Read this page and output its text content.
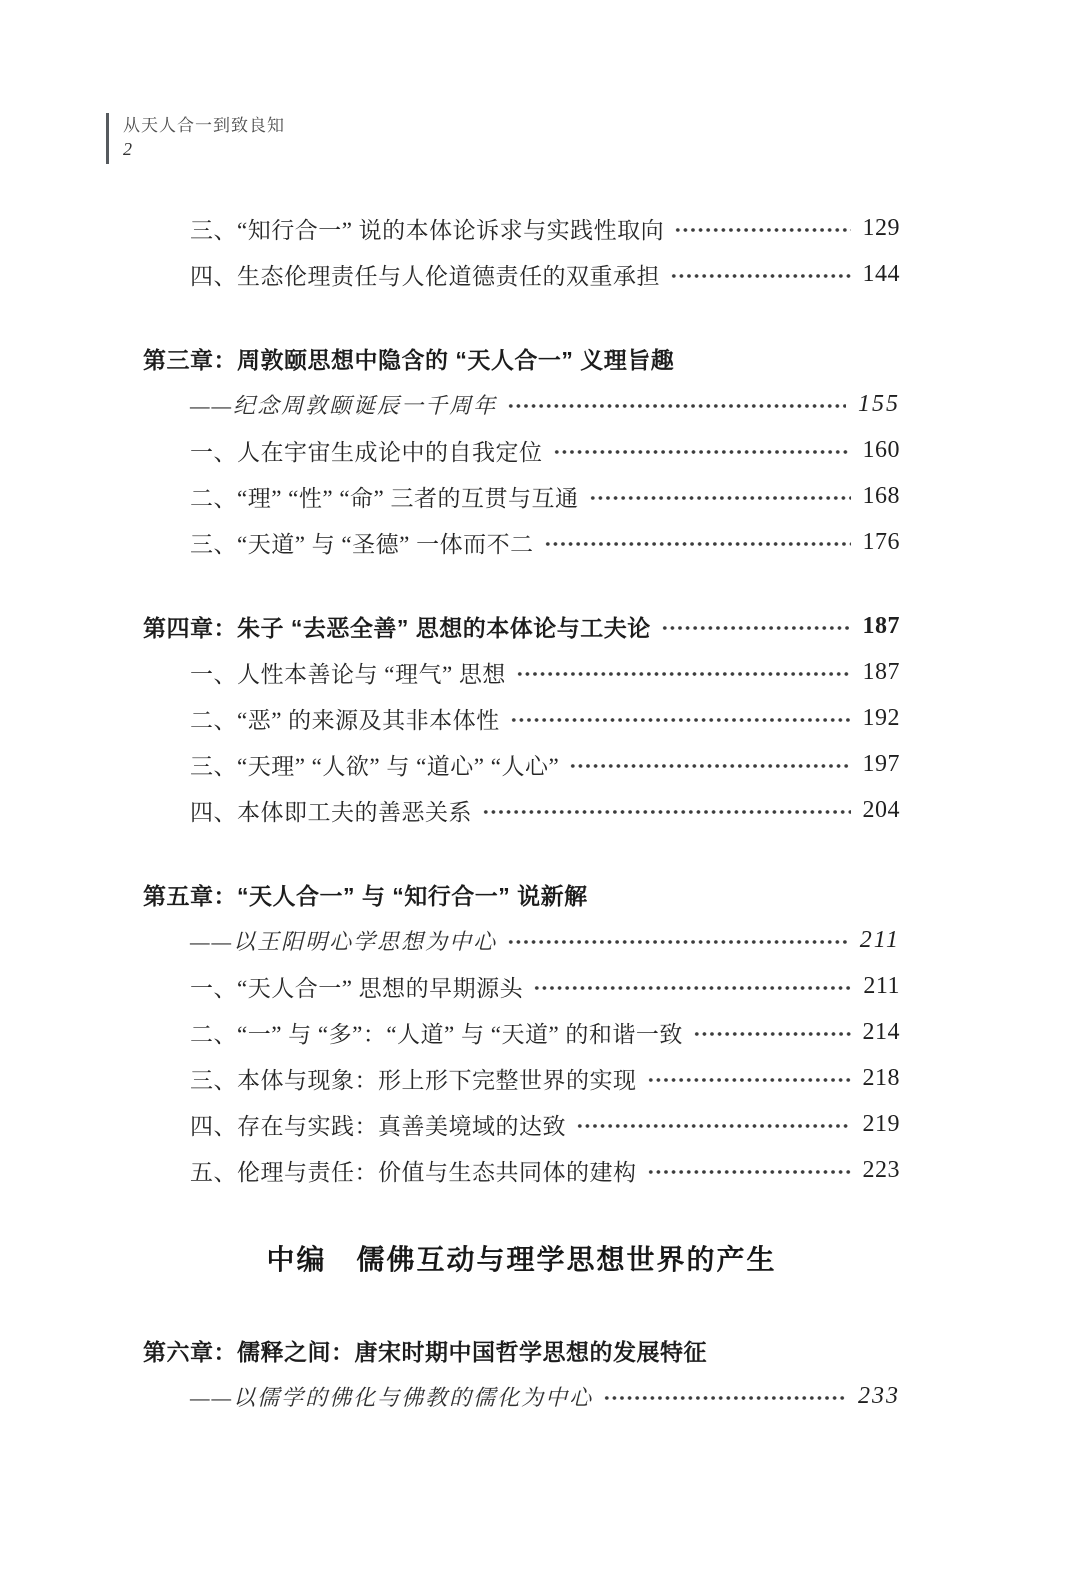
从天人合一到致良知
2
三、“知行合一” 说的本体论诉求与实践性取向	129
四、生态伦理责任与人伦道德责任的双重承担	144
第三章：周敦颐思想中隐含的 “天人合一” 义理旨趣
——纪念周敦颐诞辰一千周年	155
一、人在宇宙生成论中的自我定位	160
二、“理” “性” “命” 三者的互贯与互通	168
三、“天道” 与 “圣德” 一体而不二	176
第四章：朱子 “去恶全善” 思想的本体论与工夫论	187
一、人性本善论与 “理气” 思想	187
二、“恶” 的来源及其非本体性	192
三、“天理” “人欲” 与 “道心” “人心”	197
四、本体即工夫的善恶关系	204
第五章：“天人合一” 与 “知行合一” 说新解
——以王阳明心学思想为中心	211
一、“天人合一” 思想的早期源头	211
二、“一” 与 “多”：“人道” 与 “天道” 的和谐一致	214
三、本体与现象：形上形下完整世界的实现	218
四、存在与实践：真善美境域的达致	219
五、伦理与责任：价值与生态共同体的建构	223
中编　儒佛互动与理学思想世界的产生
第六章：儒释之间：唐宋时期中国哲学思想的发展特征
——以儒学的佛化与佛教的儒化为中心	233
